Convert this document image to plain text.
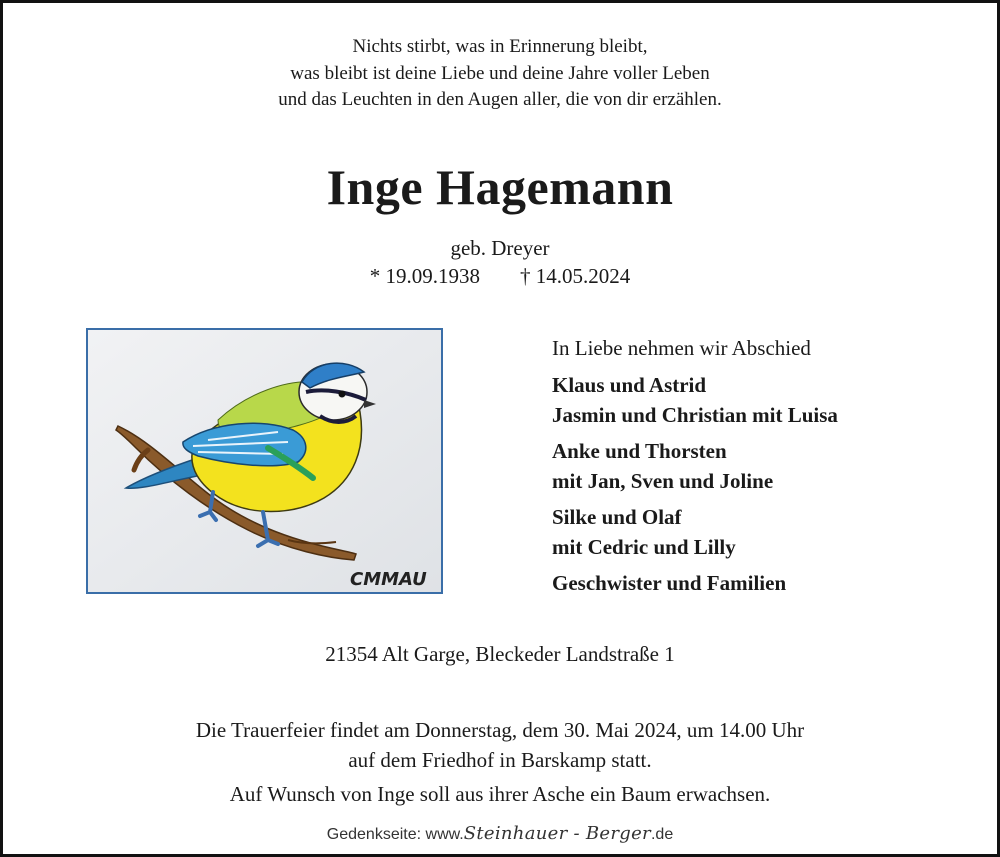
Nichts stirbt, was in Erinnerung bleibt,
was bleibt ist deine Liebe und deine Jahre voller Leben
und das Leuchten in den Augen aller, die von dir erzählen.
Inge Hagemann
geb. Dreyer
* 19.09.1938 † 14.05.2024
CMMAU
In Liebe nehmen wir Abschied
Klaus und Astrid
Jasmin und Christian mit Luisa
Anke und Thorsten
mit Jan, Sven und Joline
Silke und Olaf
mit Cedric und Lilly
Geschwister und Familien
21354 Alt Garge, Bleckeder Landstraße 1
Die Trauerfeier findet am Donnerstag, dem 30. Mai 2024, um 14.00 Uhr
auf dem Friedhof in Barskamp statt.
Auf Wunsch von Inge soll aus ihrer Asche ein Baum erwachsen.
Gedenkseite: www.Steinhauer - Berger.de
